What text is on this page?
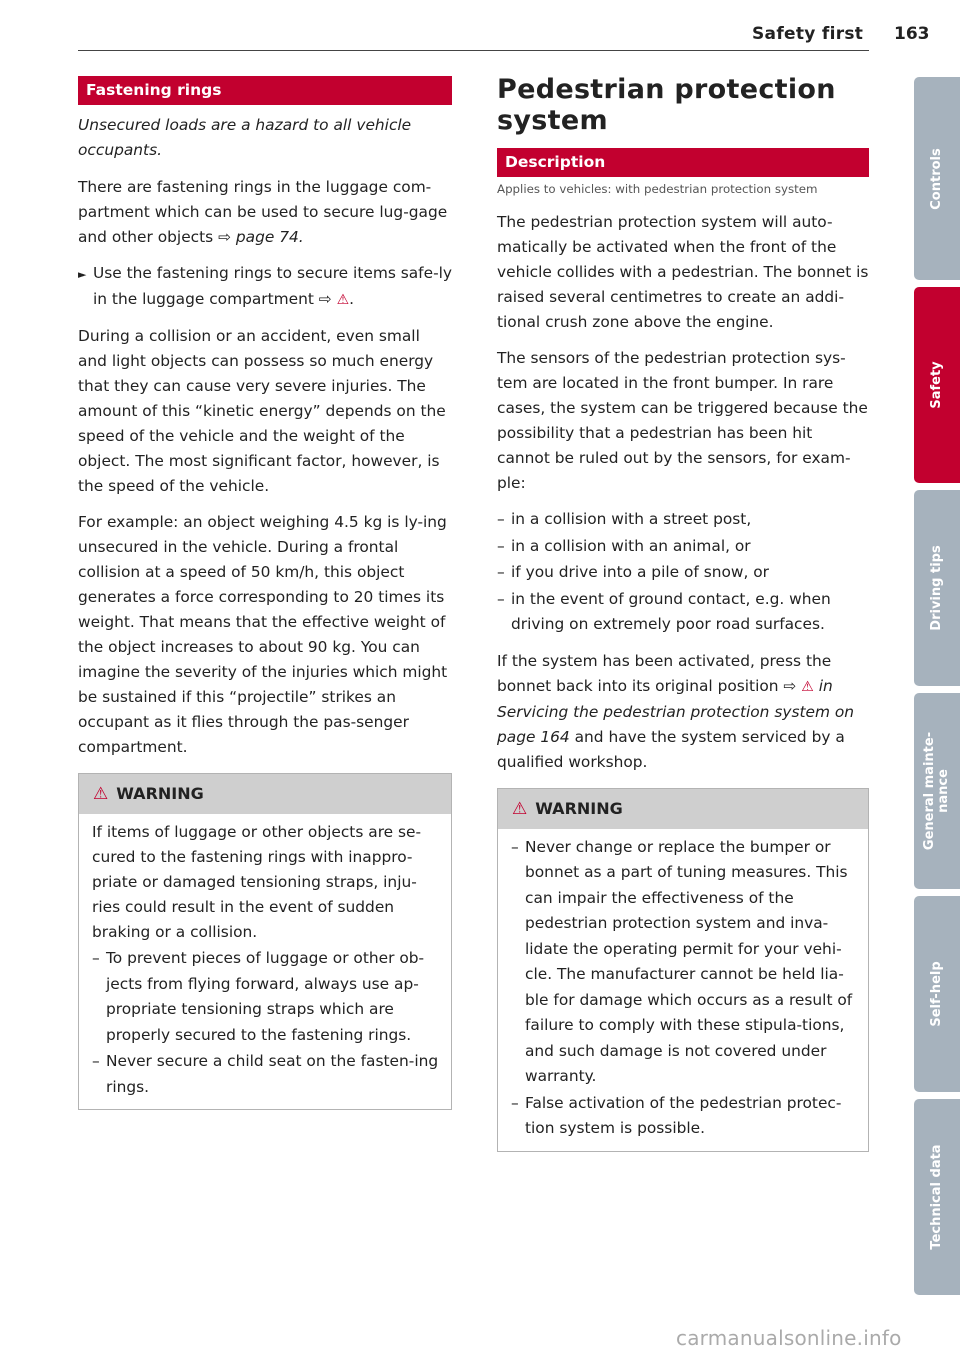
Safety first 163
Fastening rings

Unsecured loads are a hazard to all vehicle occupants.

There are fastening rings in the luggage com-partment which can be used to secure lug-gage and other objects ⇨ page 74.

► Use the fastening rings to secure items safe-ly in the luggage compartment ⇨ ⚠.

During a collision or an accident, even small and light objects can possess so much energy that they can cause very severe injuries. The amount of this “kinetic energy” depends on the speed of the vehicle and the weight of the object. The most significant factor, however, is the speed of the vehicle.

For example: an object weighing 4.5 kg is ly-ing unsecured in the vehicle. During a frontal collision at a speed of 50 km/h, this object generates a force corresponding to 20 times its weight. That means that the effective weight of the object increases to about 90 kg. You can imagine the severity of the injuries which might be sustained if this “projectile” strikes an occupant as it flies through the pas-senger compartment.

⚠ WARNING

If items of luggage or other objects are se-cured to the fastening rings with inappro-priate or damaged tensioning straps, inju-ries could result in the event of sudden braking or a collision.

– To prevent pieces of luggage or other ob-jects from flying forward, always use ap-propriate tensioning straps which are properly secured to the fastening rings.
– Never secure a child seat on the fasten-ing rings.
Pedestrian protection system
Description

Applies to vehicles: with pedestrian protection system

The pedestrian protection system will auto-matically be activated when the front of the vehicle collides with a pedestrian. The bonnet is raised several centimetres to create an addi-tional crush zone above the engine.

The sensors of the pedestrian protection sys-tem are located in the front bumper. In rare cases, the system can be triggered because the possibility that a pedestrian has been hit cannot be ruled out by the sensors, for exam-ple:

– in a collision with a street post,
– in a collision with an animal, or
– if you drive into a pile of snow, or
– in the event of ground contact, e.g. when driving on extremely poor road surfaces.

If the system has been activated, press the bonnet back into its original position ⇨ ⚠ in Servicing the pedestrian protection system on page 164 and have the system serviced by a qualified workshop.

⚠ WARNING
– Never change or replace the bumper or bonnet as a part of tuning measures. This can impair the effectiveness of the pedestrian protection system and inva-lidate the operating permit for your vehi-cle. The manufacturer cannot be held lia-ble for damage which occurs as a result of failure to comply with these stipula-tions, and such damage is not covered under warranty.
– False activation of the pedestrian protec-tion system is possible.
Controls
Safety
Driving tips
General mainte-
nance
Self-help
Technical data
carmanualsonline.info
